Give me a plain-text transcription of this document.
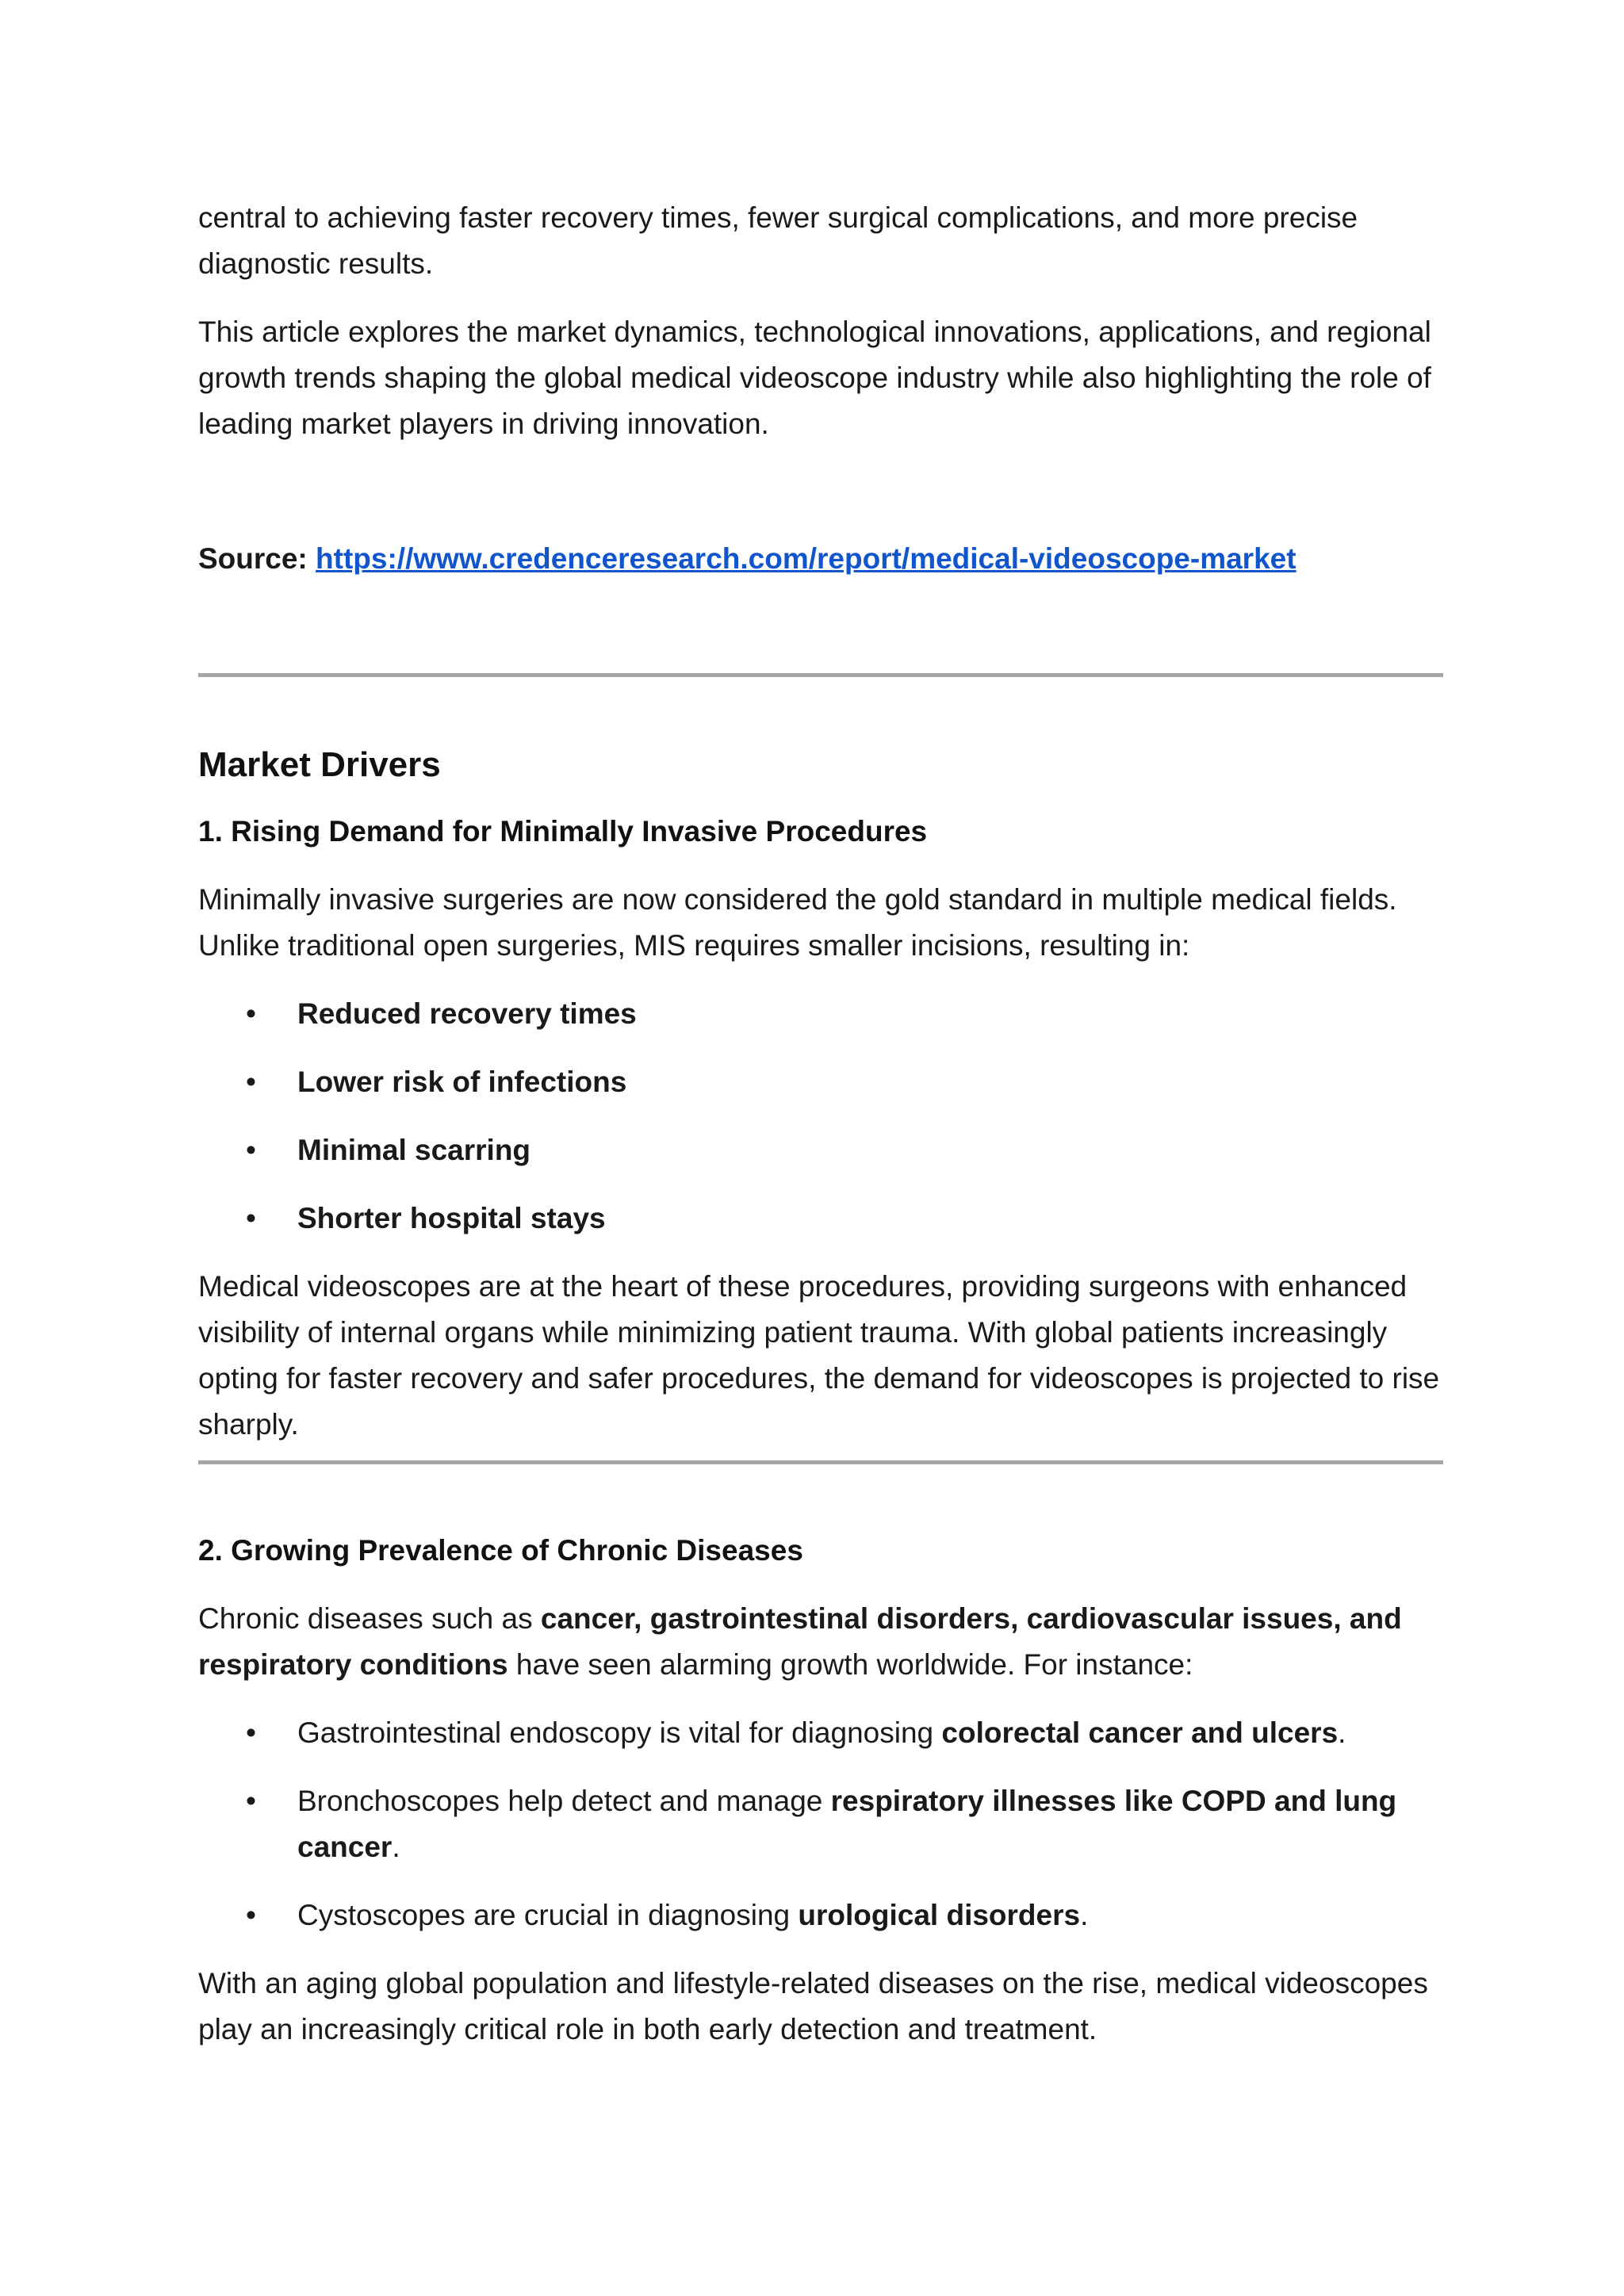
central to achieving faster recovery times, fewer surgical complications, and more precise diagnostic results.

This article explores the market dynamics, technological innovations, applications, and regional growth trends shaping the global medical videoscope industry while also highlighting the role of leading market players in driving innovation.

Source: https://www.credenceresearch.com/report/medical-videoscope-market
Market Drivers
1. Rising Demand for Minimally Invasive Procedures

Minimally invasive surgeries are now considered the gold standard in multiple medical fields. Unlike traditional open surgeries, MIS requires smaller incisions, resulting in:

• Reduced recovery times
• Lower risk of infections
• Minimal scarring
• Shorter hospital stays

Medical videoscopes are at the heart of these procedures, providing surgeons with enhanced visibility of internal organs while minimizing patient trauma. With global patients increasingly opting for faster recovery and safer procedures, the demand for videoscopes is projected to rise sharply.

2. Growing Prevalence of Chronic Diseases

Chronic diseases such as cancer, gastrointestinal disorders, cardiovascular issues, and respiratory conditions have seen alarming growth worldwide. For instance:

• Gastrointestinal endoscopy is vital for diagnosing colorectal cancer and ulcers.
• Bronchoscopes help detect and manage respiratory illnesses like COPD and lung cancer.
• Cystoscopes are crucial in diagnosing urological disorders.

With an aging global population and lifestyle-related diseases on the rise, medical videoscopes play an increasingly critical role in both early detection and treatment.
